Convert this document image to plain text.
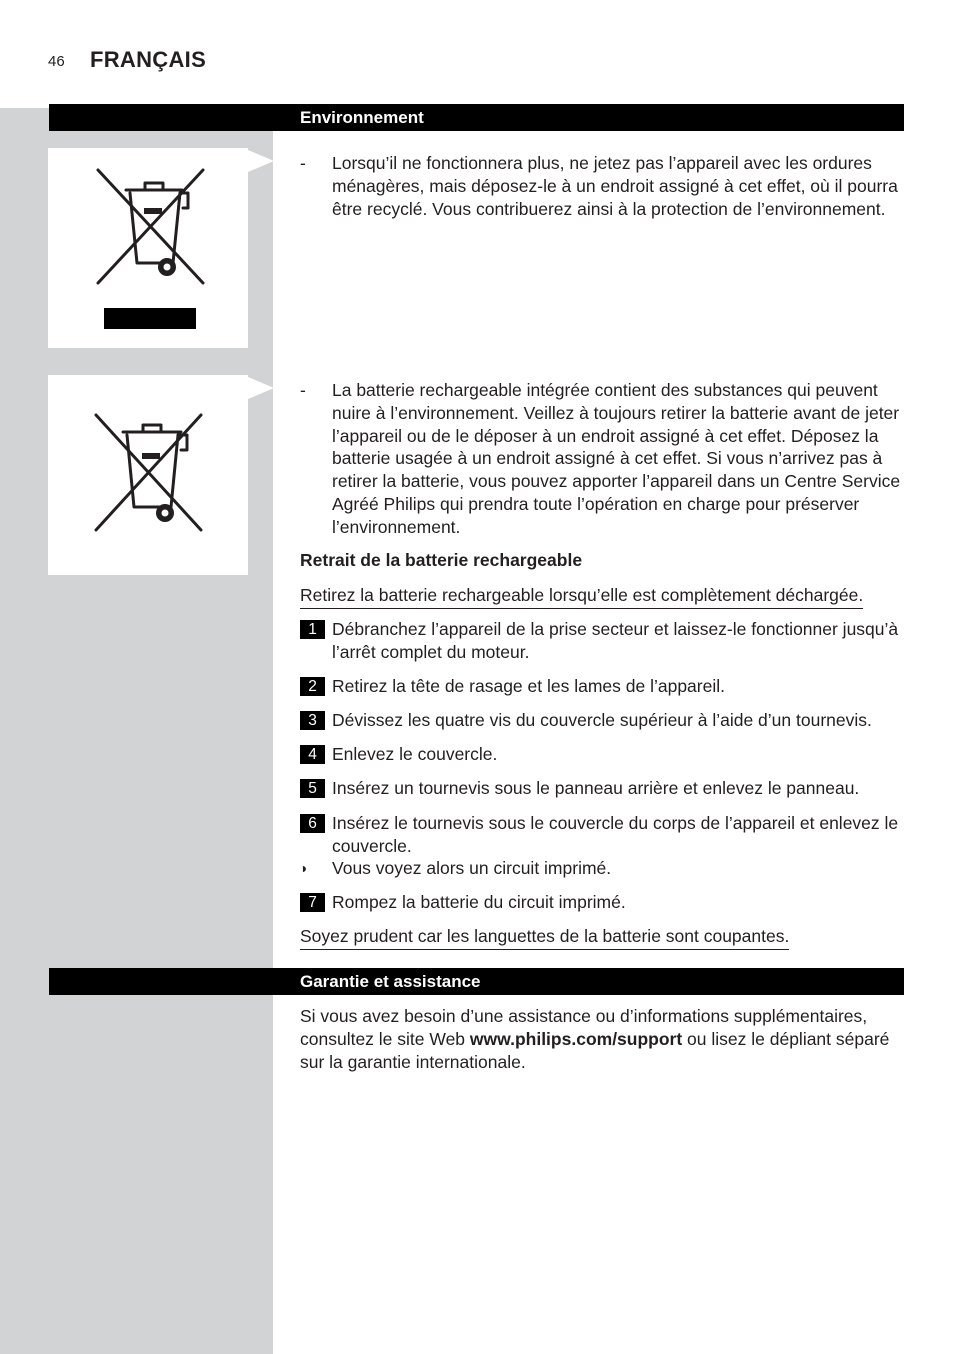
46 FRANÇAIS
Environnement
- Lorsqu’il ne fonctionnera plus, ne jetez pas l’appareil avec les ordures ménagères, mais déposez-le à un endroit assigné à cet effet, où il pourra être recyclé. Vous contribuerez ainsi à la protection de l’environnement.
- La batterie rechargeable intégrée contient des substances qui peuvent nuire à l’environnement. Veillez à toujours retirer la batterie avant de jeter l’appareil ou de le déposer à un endroit assigné à cet effet. Déposez la batterie usagée à un endroit assigné à cet effet. Si vous n’arrivez pas à retirer la batterie, vous pouvez apporter l’appareil dans un Centre Service Agréé Philips qui prendra toute l’opération en charge pour préserver l’environnement.
Retrait de la batterie rechargeable
Retirez la batterie rechargeable lorsqu’elle est complètement déchargée.
1 Débranchez l’appareil de la prise secteur et laissez-le fonctionner jusqu’à l’arrêt complet du moteur.
2 Retirez la tête de rasage et les lames de l’appareil.
3 Dévissez les quatre vis du couvercle supérieur à l’aide d’un tournevis.
4 Enlevez le couvercle.
5 Insérez un tournevis sous le panneau arrière et enlevez le panneau.
6 Insérez le tournevis sous le couvercle du corps de l’appareil et enlevez le couvercle.
◗ Vous voyez alors un circuit imprimé.
7 Rompez la batterie du circuit imprimé.
Soyez prudent car les languettes de la batterie sont coupantes.
Garantie et assistance
Si vous avez besoin d’une assistance ou d’informations supplémentaires, consultez le site Web www.philips.com/support ou lisez le dépliant séparé sur la garantie internationale.
